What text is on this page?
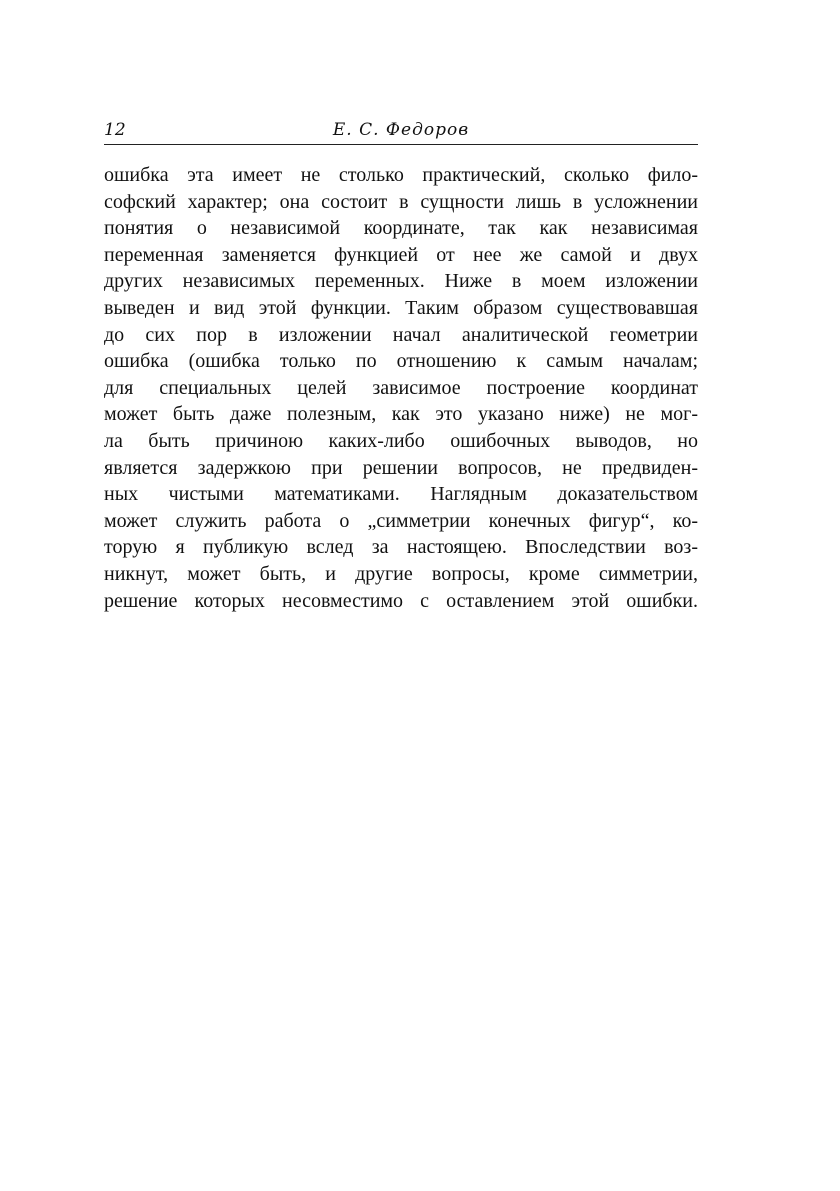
12	Е. С. Федоров
ошибка эта имеет не столько практический, сколько фило-
софский характер; она состоит в сущности лишь в усложнении
понятия о независимой координате, так как независимая
переменная заменяется функцией от нее же самой и двух
других независимых переменных. Ниже в моем изложении
выведен и вид этой функции. Таким образом существовавшая
до сих пор в изложении начал аналитической геометрии
ошибка (ошибка только по отношению к самым началам;
для специальных целей зависимое построение координат
может быть даже полезным, как это указано ниже) не мог-
ла быть причиною каких-либо ошибочных выводов, но
является задержкою при решении вопросов, не предвиден-
ных чистыми математиками. Наглядным доказательством
может служить работа о „симметрии конечных фигур“, ко-
торую я публикую вслед за настоящею. Впоследствии воз-
никнут, может быть, и другие вопросы, кроме симметрии,
решение которых несовместимо с оставлением этой ошибки.
